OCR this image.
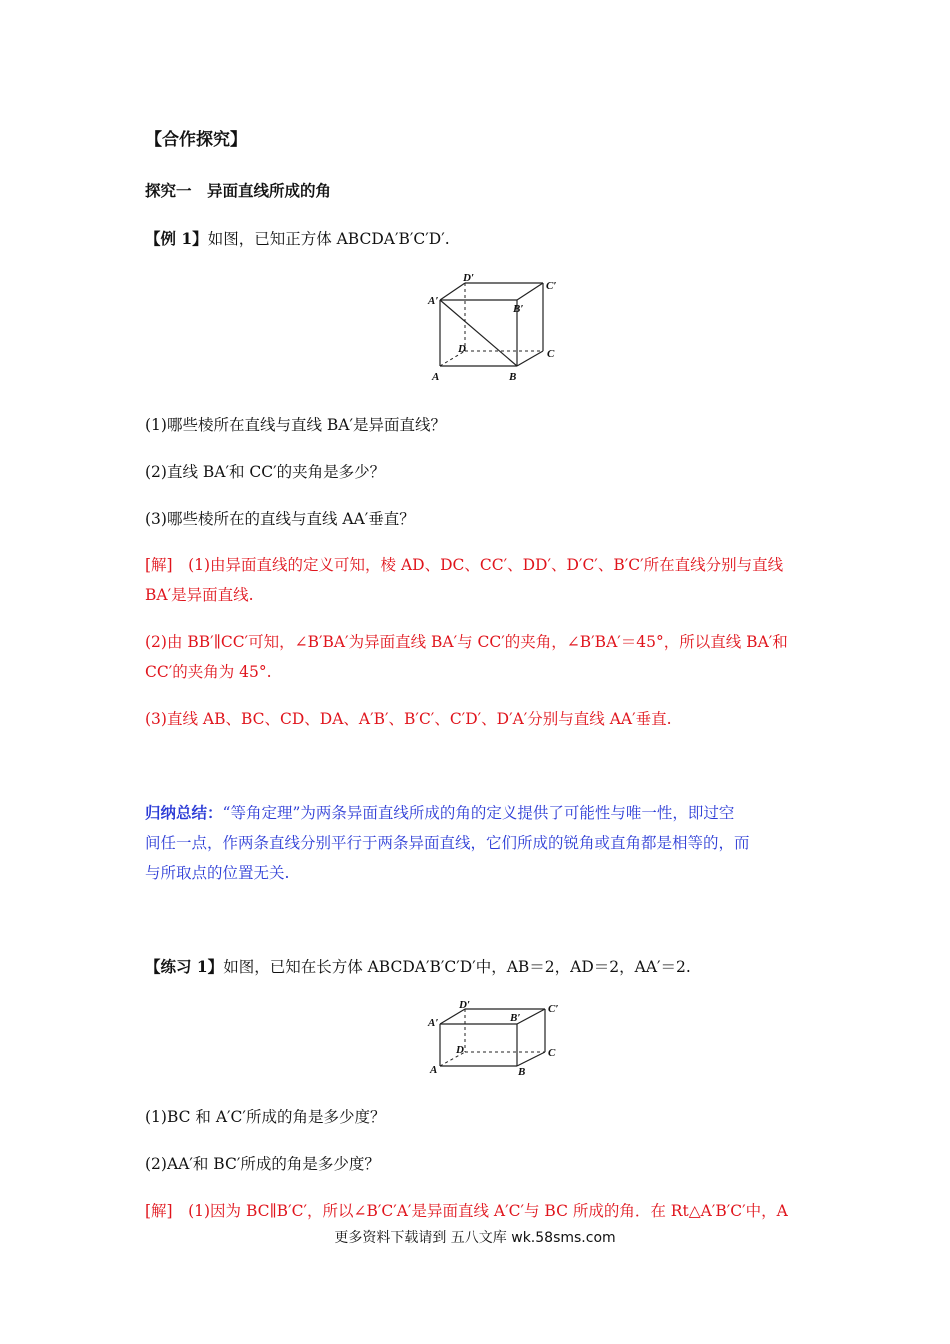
【合作探究】
探究一　异面直线所成的角
【例 1】如图，已知正方体 ABCDA′B′C′D′.
D′
C′
A′
B′
D	C
A	B
(1)哪些棱所在直线与直线 BA′是异面直线？
(2)直线 BA′和 CC′的夹角是多少？
(3)哪些棱所在的直线与直线 AA′垂直？
[解]　(1)由异面直线的定义可知，棱 AD、DC、CC′、DD′、D′C′、B′C′所在直线分别与直线
BA′是异面直线.
(2)由 BB′∥CC′可知，∠B′BA′为异面直线 BA′与 CC′的夹角，∠B′BA′＝45°，所以直线 BA′和
CC′的夹角为 45°.
(3)直线 AB、BC、CD、DA、A′B′、B′C′、C′D′、D′A′分别与直线 AA′垂直.
归纳总结：“等角定理”为两条异面直线所成的角的定义提供了可能性与唯一性，即过空
间任一点，作两条直线分别平行于两条异面直线，它们所成的锐角或直角都是相等的，而
与所取点的位置无关.
【练习 1】如图，已知在长方体 ABCDA′B′C′D′中，AB＝2，AD＝2，AA′＝2.
D′	C′
A′	B′
D	C
A	B
(1)BC 和 A′C′所成的角是多少度？
(2)AA′和 BC′所成的角是多少度？
[解]　(1)因为 BC∥B′C′，所以∠B′C′A′是异面直线 A′C′与 BC 所成的角．在 Rt△A′B′C′中，A
更多资料下载请到 五八文库 wk.58sms.com
